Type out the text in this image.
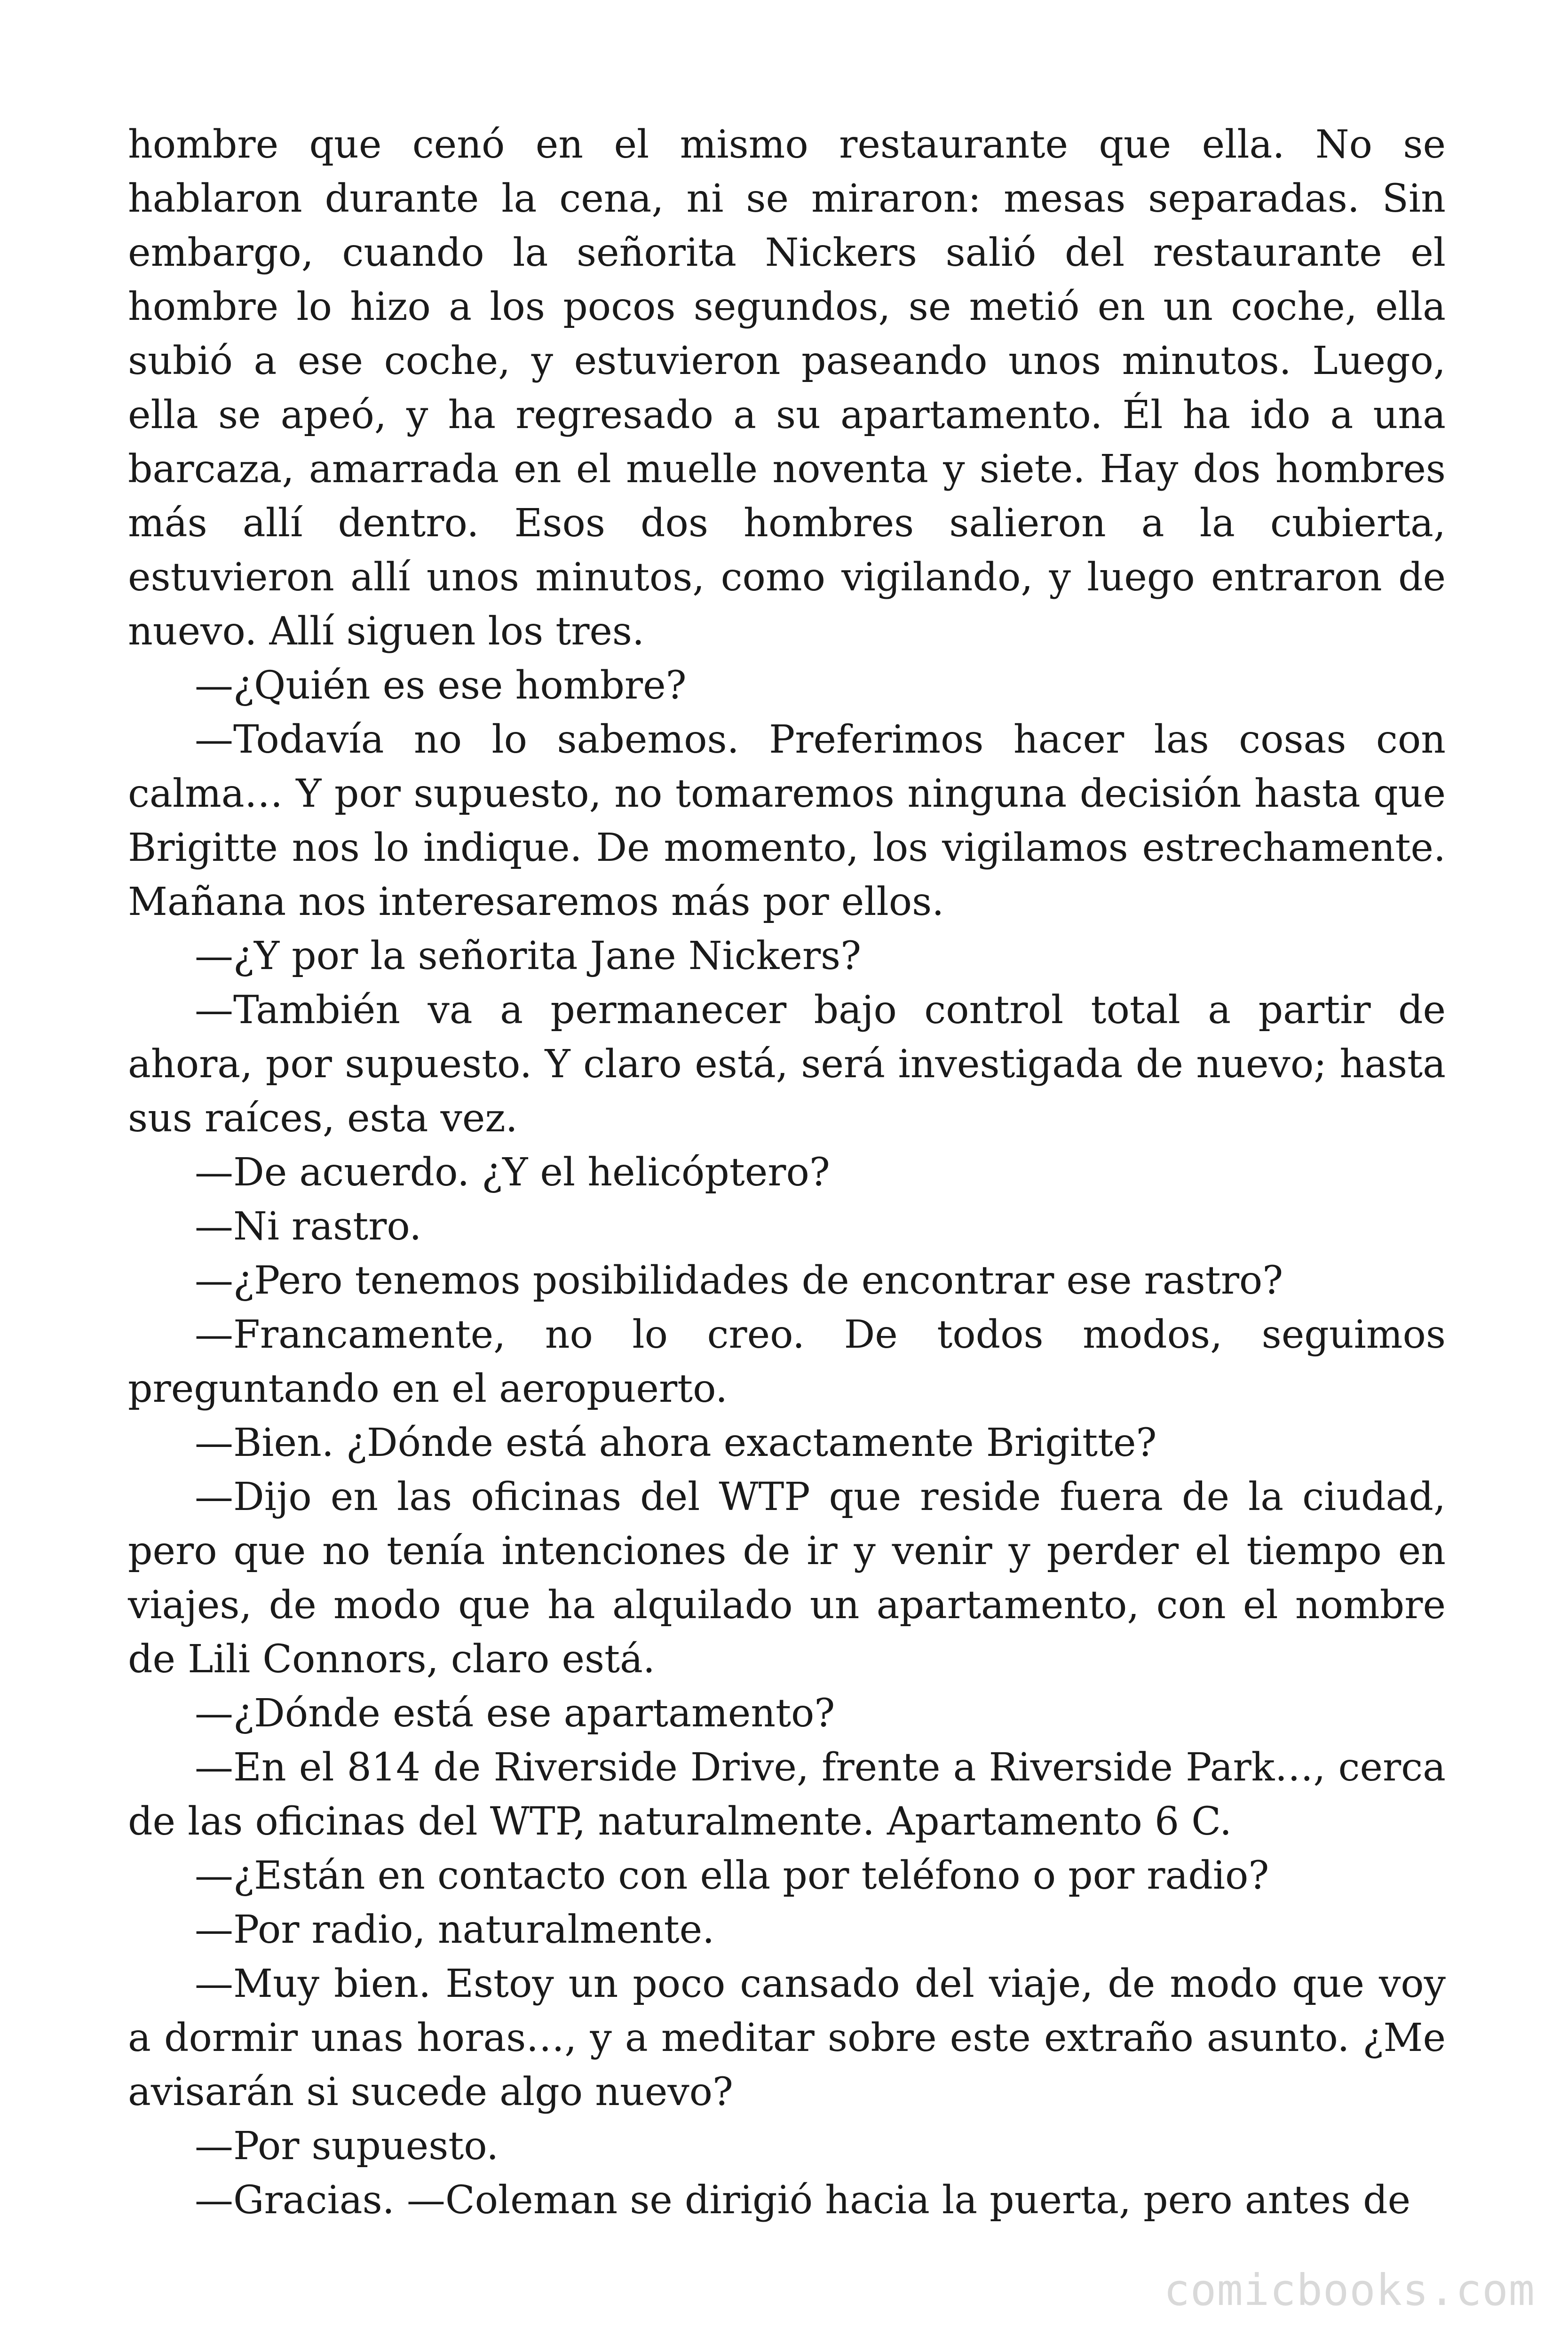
hombre que cenó en el mismo restaurante que ella. No se hablaron durante la cena, ni se miraron: mesas separadas. Sin embargo, cuando la señorita Nickers salió del restaurante el hombre lo hizo a los pocos segundos, se metió en un coche, ella subió a ese coche, y estuvieron paseando unos minutos. Luego, ella se apeó, y ha regresado a su apartamento. Él ha ido a una barcaza, amarrada en el muelle noventa y siete. Hay dos hombres más allí dentro. Esos dos hombres salieron a la cubierta, estuvieron allí unos minutos, como vigilando, y luego entraron de nuevo. Allí siguen los tres.

—¿Quién es ese hombre?

—Todavía no lo sabemos. Preferimos hacer las cosas con calma… Y por supuesto, no tomaremos ninguna decisión hasta que Brigitte nos lo indique. De momento, los vigilamos estrechamente. Mañana nos interesaremos más por ellos.

—¿Y por la señorita Jane Nickers?

—También va a permanecer bajo control total a partir de ahora, por supuesto. Y claro está, será investigada de nuevo; hasta sus raíces, esta vez.

—De acuerdo. ¿Y el helicóptero?

—Ni rastro.

—¿Pero tenemos posibilidades de encontrar ese rastro?

—Francamente, no lo creo. De todos modos, seguimos preguntando en el aeropuerto.

—Bien. ¿Dónde está ahora exactamente Brigitte?

—Dijo en las oficinas del WTP que reside fuera de la ciudad, pero que no tenía intenciones de ir y venir y perder el tiempo en viajes, de modo que ha alquilado un apartamento, con el nombre de Lili Connors, claro está.

—¿Dónde está ese apartamento?

—En el 814 de Riverside Drive, frente a Riverside Park…, cerca de las oficinas del WTP, naturalmente. Apartamento 6 C.

—¿Están en contacto con ella por teléfono o por radio?

—Por radio, naturalmente.

—Muy bien. Estoy un poco cansado del viaje, de modo que voy a dormir unas horas…, y a meditar sobre este extraño asunto. ¿Me avisarán si sucede algo nuevo?

—Por supuesto.

—Gracias. —Coleman se dirigió hacia la puerta, pero antes de

comicbooks.com
